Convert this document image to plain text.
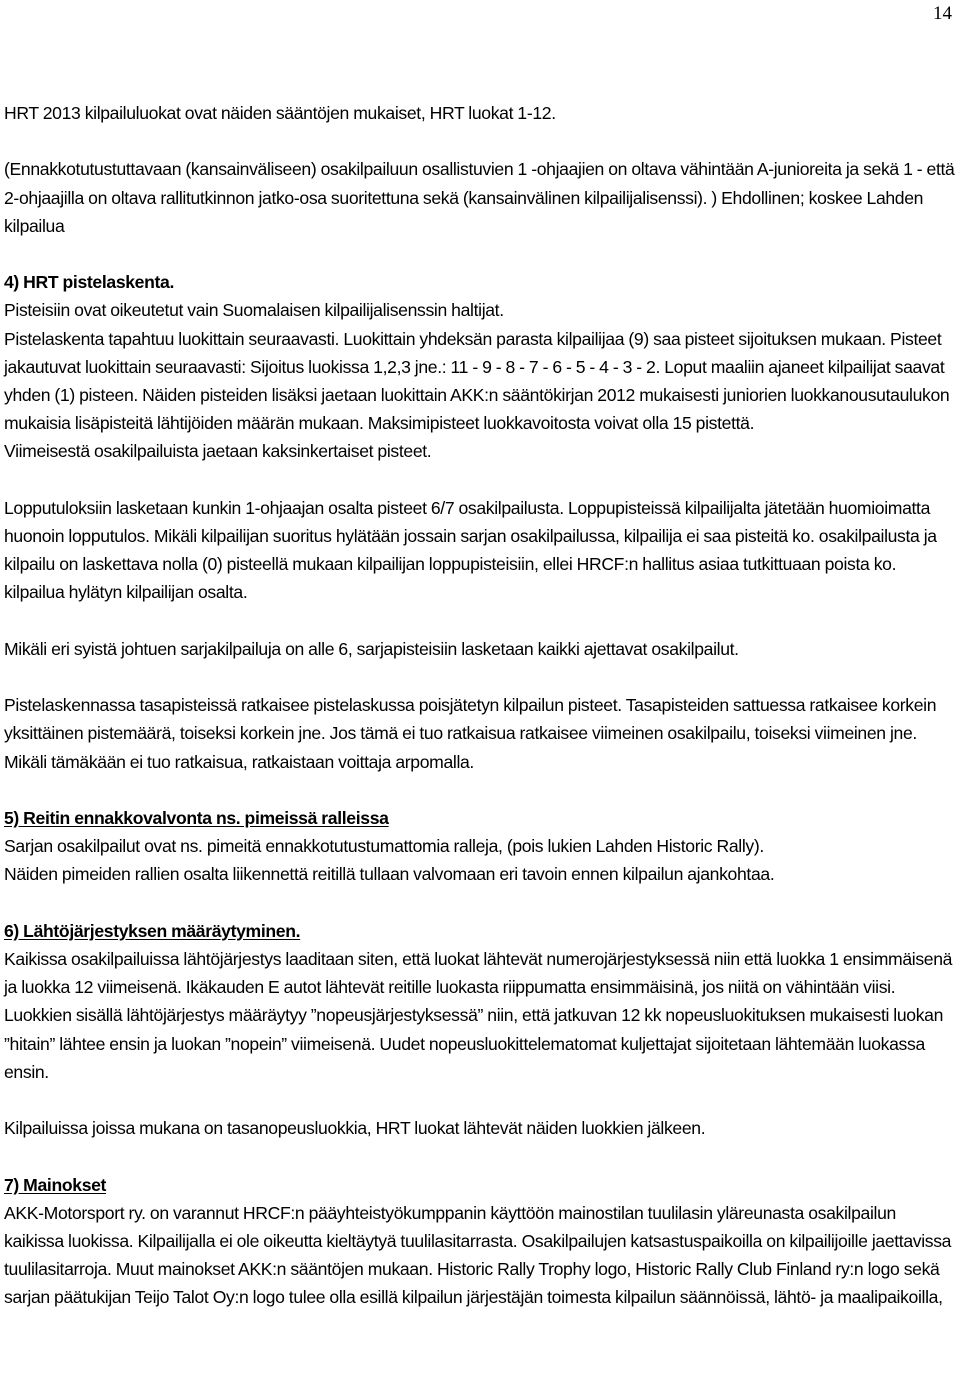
14

HRT 2013 kilpailuluokat ovat näiden sääntöjen mukaiset, HRT luokat 1-12.

(Ennakkotutustuttavaan (kansainväliseen) osakilpailuun osallistuvien 1 -ohjaajien on oltava vähintään A-junioreita ja sekä 1 - että 2-ohjaajilla on oltava rallitutkinnon jatko-osa suoritettuna sekä (kansainvälinen kilpailijalisenssi). ) Ehdollinen; koskee Lahden kilpailua

4) HRT pistelaskenta.

Pisteisiin ovat oikeutetut vain Suomalaisen kilpailijalisenssin haltijat.

Pistelaskenta tapahtuu luokittain seuraavasti. Luokittain yhdeksän parasta kilpailijaa (9) saa pisteet sijoituksen mukaan. Pisteet jakautuvat luokittain seuraavasti: Sijoitus luokissa 1,2,3 jne.: 11 - 9 - 8 - 7 - 6 - 5 - 4 - 3 - 2. Loput maaliin ajaneet kilpailijat saavat yhden (1) pisteen. Näiden pisteiden lisäksi jaetaan luokittain AKK:n sääntökirjan 2012 mukaisesti juniorien luokkanousutaulukon mukaisia lisäpisteitä lähtijöiden määrän mukaan. Maksimipisteet luokkavoitosta voivat olla 15 pistettä.

Viimeisestä osakilpailuista jaetaan kaksinkertaiset pisteet.

Lopputuloksiin lasketaan kunkin 1-ohjaajan osalta pisteet 6/7 osakilpailusta. Loppupisteissä kilpailijalta jätetään huomioimatta huonoin lopputulos. Mikäli kilpailijan suoritus hylätään jossain sarjan osakilpailussa, kilpailija ei saa pisteitä ko. osakilpailusta ja kilpailu on laskettava nolla (0) pisteellä mukaan kilpailijan loppupisteisiin, ellei HRCF:n hallitus asiaa tutkittuaan poista ko. kilpailua hylätyn kilpailijan osalta.

Mikäli eri syistä johtuen sarjakilpailuja on alle 6, sarjapisteisiin lasketaan kaikki ajettavat osakilpailut.

Pistelaskennassa tasapisteissä ratkaisee pistelaskussa poisjätetyn kilpailun pisteet. Tasapisteiden sattuessa ratkaisee korkein yksittäinen pistemäärä, toiseksi korkein jne. Jos tämä ei tuo ratkaisua ratkaisee viimeinen osakilpailu, toiseksi viimeinen jne. Mikäli tämäkään ei tuo ratkaisua, ratkaistaan voittaja arpomalla.

5) Reitin ennakkovalvonta ns. pimeissä ralleissa

Sarjan osakilpailut ovat ns. pimeitä ennakkotutustumattomia ralleja, (pois lukien Lahden Historic Rally).

Näiden pimeiden rallien osalta liikennettä reitillä tullaan valvomaan eri tavoin ennen kilpailun ajankohtaa.

6) Lähtöjärjestyksen määräytyminen.

Kaikissa osakilpailuissa lähtöjärjestys laaditaan siten, että luokat lähtevät numerojärjestyksessä niin että luokka 1 ensimmäisenä ja luokka 12 viimeisenä. Ikäkauden E autot lähtevät reitille luokasta riippumatta ensimmäisinä, jos niitä on vähintään viisi. Luokkien sisällä lähtöjärjestys määräytyy ”nopeusjärjestyksessä” niin, että jatkuvan 12 kk nopeusluokituksen mukaisesti luokan ”hitain” lähtee ensin ja luokan ”nopein” viimeisenä. Uudet nopeusluokittelematomat kuljettajat sijoitetaan lähtemään luokassa ensin.

Kilpailuissa joissa mukana on tasanopeusluokkia, HRT luokat lähtevät näiden luokkien jälkeen.

7) Mainokset

AKK-Motorsport ry. on varannut HRCF:n pääyhteistyökumppanin käyttöön mainostilan tuulilasin yläreunasta osakilpailun kaikissa luokissa. Kilpailijalla ei ole oikeutta kieltäytyä tuulilasitarrasta. Osakilpailujen katsastuspaikoilla on kilpailijoille jaettavissa tuulilasitarroja. Muut mainokset AKK:n sääntöjen mukaan. Historic Rally Trophy logo, Historic Rally Club Finland ry:n logo sekä sarjan päätukijan Teijo Talot Oy:n logo tulee olla esillä kilpailun järjestäjän toimesta kilpailun säännöissä, lähtö- ja maalipaikoilla,
